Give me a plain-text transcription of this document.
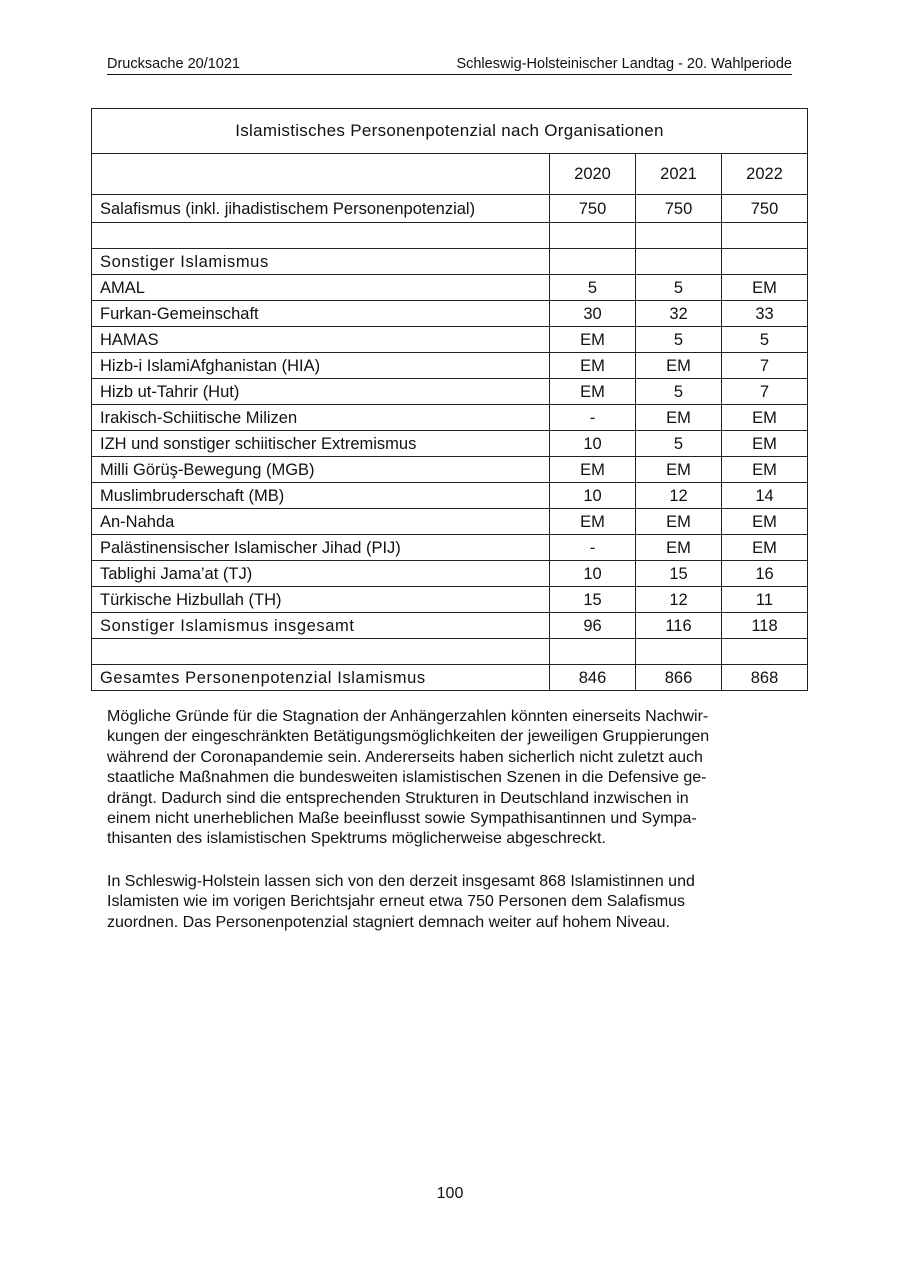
Drucksache 20/1021	Schleswig-Holsteinischer Landtag - 20. Wahlperiode
Islamistisches Personenpotenzial nach Organisationen			
	2020	2021	2022
Salafismus (inkl. jihadistischem Personenpotenzial)	750	750	750

Sonstiger Islamismus			
AMAL	5	5	EM
Furkan-Gemeinschaft	30	32	33
HAMAS	EM	5	5
Hizb-i IslamiAfghanistan (HIA)	EM	EM	7
Hizb ut-Tahrir (Hut)	EM	5	7
Irakisch-Schiitische Milizen	-	EM	EM
IZH und sonstiger schiitischer Extremismus	10	5	EM
Milli Görüş-Bewegung (MGB)	EM	EM	EM
Muslimbruderschaft (MB)	10	12	14
An-Nahda	EM	EM	EM
Palästinensischer Islamischer Jihad (PIJ)	-	EM	EM
Tablighi Jama’at (TJ)	10	15	16
Türkische Hizbullah (TH)	15	12	11
Sonstiger Islamismus insgesamt	96	116	118

Gesamtes Personenpotenzial Islamismus	846	866	868

Mögliche Gründe für die Stagnation der Anhängerzahlen könnten einerseits Nachwir-

kungen der eingeschränkten Betätigungsmöglichkeiten der jeweiligen Gruppierungen

während der Coronapandemie sein. Andererseits haben sicherlich nicht zuletzt auch

staatliche Maßnahmen die bundesweiten islamistischen Szenen in die Defensive ge-

drängt. Dadurch sind die entsprechenden Strukturen in Deutschland inzwischen in

einem nicht unerheblichen Maße beeinflusst sowie Sympathisantinnen und Sympa-

thisanten des islamistischen Spektrums möglicherweise abgeschreckt.

In Schleswig-Holstein lassen sich von den derzeit insgesamt 868 Islamistinnen und

Islamisten wie im vorigen Berichtsjahr erneut etwa 750 Personen dem Salafismus

zuordnen. Das Personenpotenzial stagniert demnach weiter auf hohem Niveau.

100
